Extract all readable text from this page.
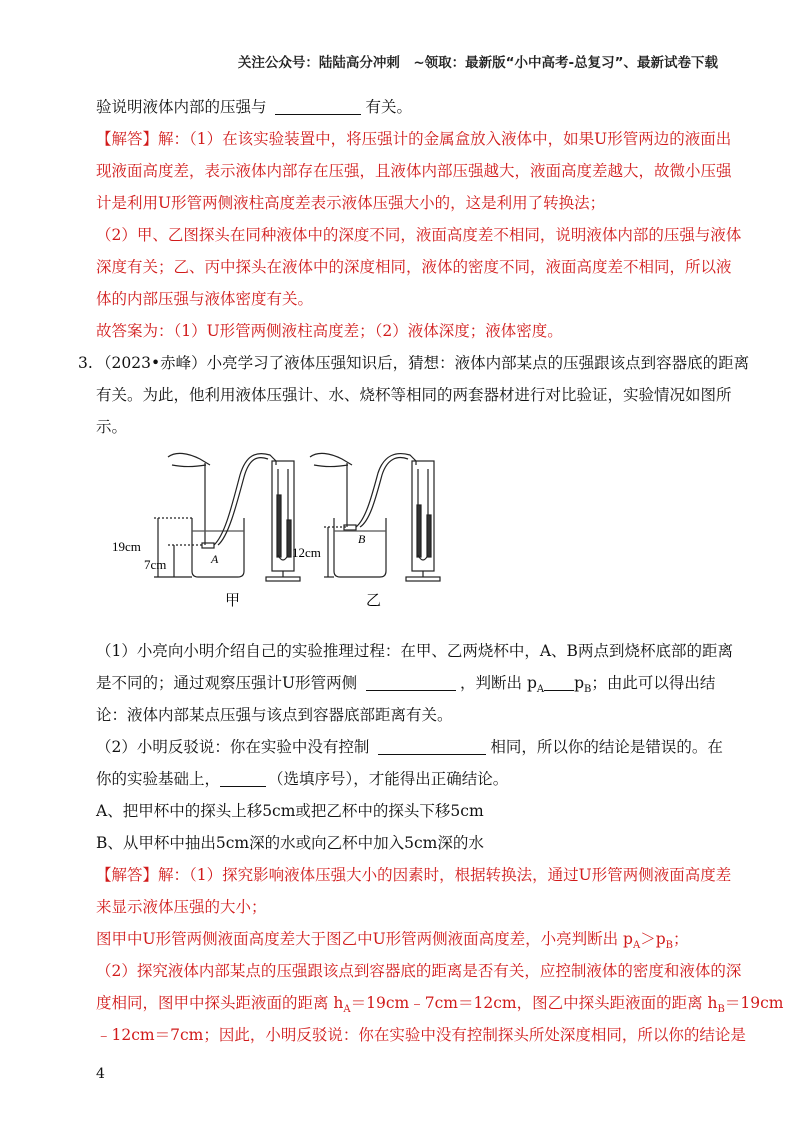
关注公众号：陆陆高分冲刺　~领取：最新版“小中高考-总复习”、最新试卷下载
验说明液体内部的压强与	有关。
【解答】解：（1）在该实验装置中，将压强计的金属盒放入液体中，如果U形管两边的液面出
现液面高度差，表示液体内部存在压强，且液体内部压强越大，液面高度差越大，故微小压强
计是利用U形管两侧液柱高度差表示液体压强大小的，这是利用了转换法；
（2）甲、乙图探头在同种液体中的深度不同，液面高度差不相同，说明液体内部的压强与液体
深度有关；乙、丙中探头在液体中的深度相同，液体的密度不同，液面高度差不相同，所以液
体的内部压强与液体密度有关。
故答案为：（1）U形管两侧液柱高度差；（2）液体深度；液体密度。
3. （2023•赤峰）小亮学习了液体压强知识后，猜想：液体内部某点的压强跟该点到容器底的距离
有关。为此，他利用液体压强计、水、烧杯等相同的两套器材进行对比验证，实验情况如图所
示。
19cm
7cm	A
甲
12cm
B
乙
（1）小亮向小明介绍自己的实验推理过程：在甲、乙两烧杯中，A、B两点到烧杯底部的距离
是不同的；通过观察压强计U形管两侧	，判断出 $p_A$ $p_B$；由此可以得出结
论：液体内部某点压强与该点到容器底部距离有关。
（2）小明反驳说：你在实验中没有控制	相同，所以你的结论是错误的。在
你的实验基础上，	（选填序号），才能得出正确结论。
A、把甲杯中的探头上移5cm或把乙杯中的探头下移5cm
B、从甲杯中抽出5cm深的水或向乙杯中加入5cm深的水
【解答】解：（1）探究影响液体压强大小的因素时，根据转换法，通过U形管两侧液面高度差
来显示液体压强的大小；
图甲中U形管两侧液面高度差大于图乙中U形管两侧液面高度差，小亮判断出 $p_A>p_B$；
（2）探究液体内部某点的压强跟该点到容器底的距离是否有关，应控制液体的密度和液体的深
度相同，图甲中探头距液面的距离 $h_A=19cm﹣7cm=12cm$，图乙中探头距液面的距离 $h_B=19cm$
﹣12cm＝7cm；因此，小明反驳说：你在实验中没有控制探头所处深度相同，所以你的结论是
4
